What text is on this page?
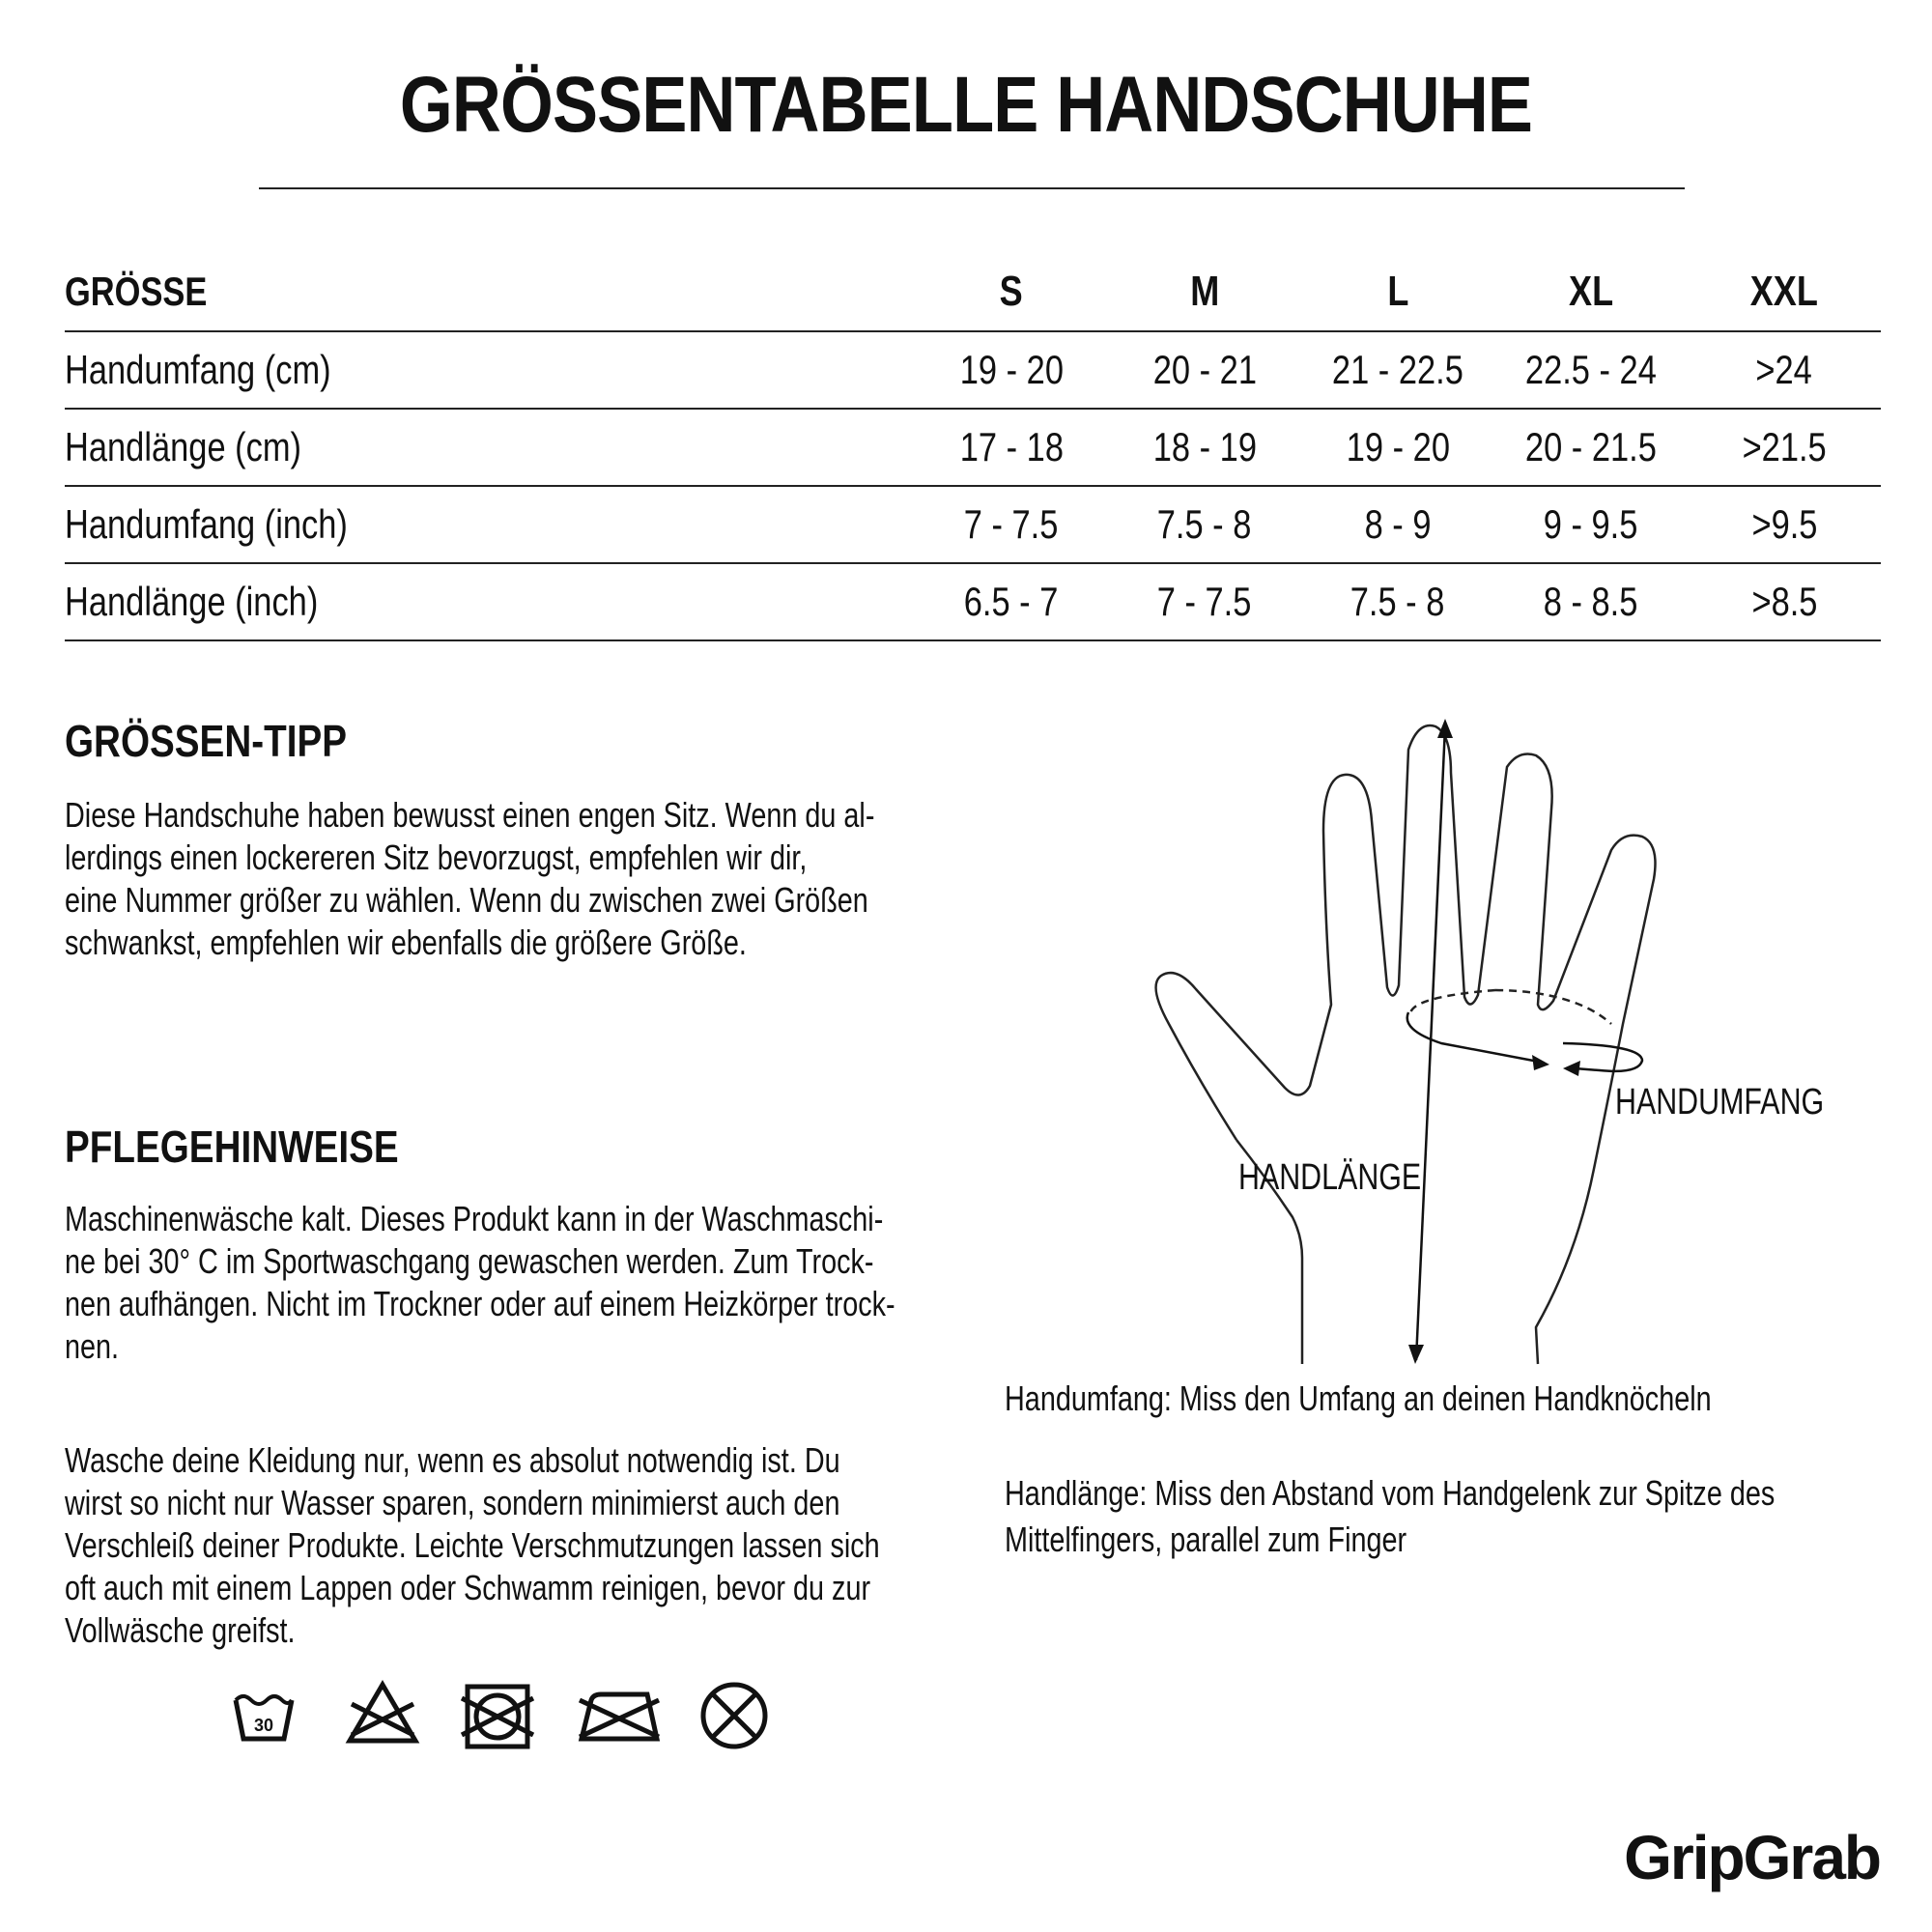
GRÖSSENTABELLE HANDSCHUHE
GRÖSSE	S	M	L	XL	XXL
Handumfang (cm)	19 - 20	20 - 21	21 - 22.5	22.5 - 24	>24
Handlänge (cm)	17 - 18	18 - 19	19 - 20	20 - 21.5	>21.5
Handumfang (inch)	7 - 7.5	7.5 - 8	8 - 9	9 - 9.5	>9.5
Handlänge (inch)	6.5 - 7	7 - 7.5	7.5 - 8	8 - 8.5	>8.5
GRÖSSEN-TIPP

Diese Handschuhe haben bewusst einen engen Sitz. Wenn du al-
lerdings einen lockereren Sitz bevorzugst, empfehlen wir dir,
eine Nummer größer zu wählen. Wenn du zwischen zwei Größen
schwankst, empfehlen wir ebenfalls die größere Größe.

PFLEGEHINWEISE

Maschinenwäsche kalt. Dieses Produkt kann in der Waschmaschi-
ne bei 30° C im Sportwaschgang gewaschen werden. Zum Trock-
nen aufhängen. Nicht im Trockner oder auf einem Heizkörper trock-
nen.

Wasche deine Kleidung nur, wenn es absolut notwendig ist. Du
wirst so nicht nur Wasser sparen, sondern minimierst auch den
Verschleiß deiner Produkte. Leichte Verschmutzungen lassen sich
oft auch mit einem Lappen oder Schwamm reinigen, bevor du zur
Vollwäsche greifst.

30
HANDLÄNGE
HANDUMFANG

Handumfang: Miss den Umfang an deinen Handknöcheln

Handlänge: Miss den Abstand vom Handgelenk zur Spitze des
Mittelfingers, parallel zum Finger

GripGrab
